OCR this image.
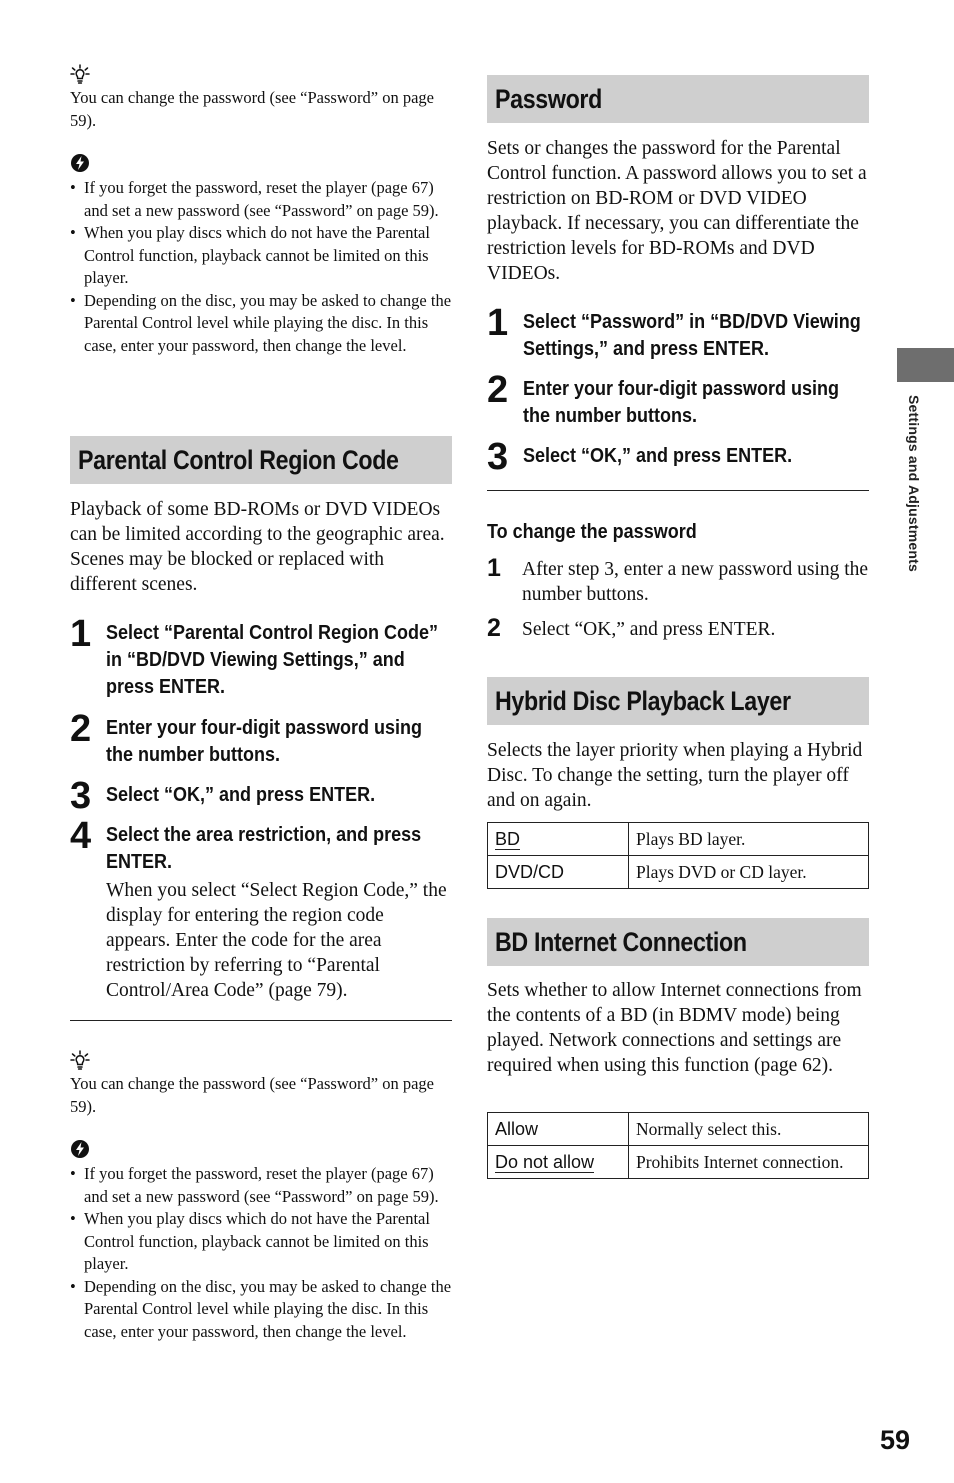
You can change the password (see “Password” on page 59).
• If you forget the password, reset the player (page 67) and set a new password (see “Password” on page 59).
• When you play discs which do not have the Parental Control function, playback cannot be limited on this player.
• Depending on the disc, you may be asked to change the Parental Control level while playing the disc. In this case, enter your password, then change the level.
Parental Control Region Code
Playback of some BD-ROMs or DVD VIDEOs can be limited according to the geographic area. Scenes may be blocked or replaced with different scenes.
1 Select “Parental Control Region Code” in “BD/DVD Viewing Settings,” and press ENTER.
2 Enter your four-digit password using the number buttons.
3 Select “OK,” and press ENTER.
4 Select the area restriction, and press ENTER.
When you select “Select Region Code,” the display for entering the region code appears. Enter the code for the area restriction by referring to “Parental Control/Area Code” (page 79).
You can change the password (see “Password” on page 59).
• If you forget the password, reset the player (page 67) and set a new password (see “Password” on page 59).
• When you play discs which do not have the Parental Control function, playback cannot be limited on this player.
• Depending on the disc, you may be asked to change the Parental Control level while playing the disc. In this case, enter your password, then change the level.
Password
Sets or changes the password for the Parental Control function. A password allows you to set a restriction on BD-ROM or DVD VIDEO playback. If necessary, you can differentiate the restriction levels for BD-ROMs and DVD VIDEOs.
1 Select “Password” in “BD/DVD Viewing Settings,” and press ENTER.
2 Enter your four-digit password using the number buttons.
3 Select “OK,” and press ENTER.
To change the password
1 After step 3, enter a new password using the number buttons.
2 Select “OK,” and press ENTER.
Hybrid Disc Playback Layer
Selects the layer priority when playing a Hybrid Disc. To change the setting, turn the player off and on again.
BD	Plays BD layer.
DVD/CD	Plays DVD or CD layer.
BD Internet Connection
Sets whether to allow Internet connections from the contents of a BD (in BDMV mode) being played. Network connections and settings are required when using this function (page 62).
Allow	Normally select this.
Do not allow	Prohibits Internet connection.
Settings and Adjustments
59
